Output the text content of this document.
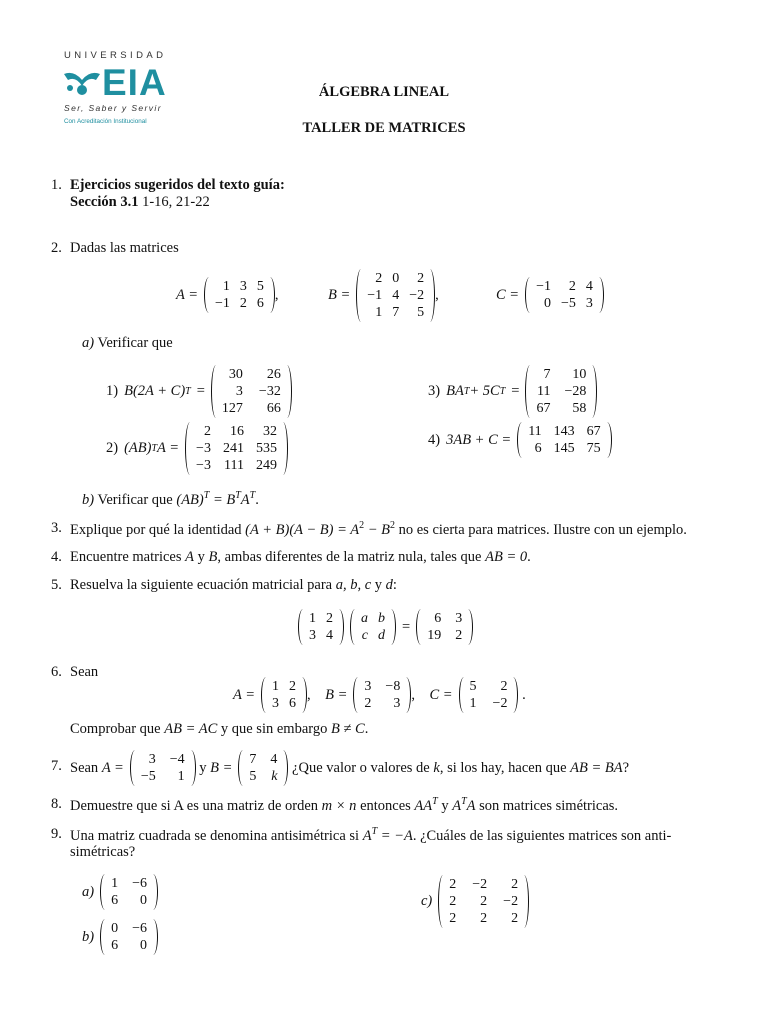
UNIVERSIDAD
EIA
Ser, Saber y Servir
Con Acreditación Institucional
ÁLGEBRA LINEAL
TALLER DE MATRICES
1. Ejercicios sugeridos del texto guía:
Sección 3.1 1-16, 21-22
2. Dadas las matrices
A =	1 3 5
−1 2 6
,	B =
2 0	2
−1 4 −2
1 7	5
,	C = −1	2 4
0 −5 3
a) Verificar que
1) B(2A + C) T =
30	26
3 −32
127	66
2) (AB) T A =
2	16	32
−3 241 535
−3 111 249
3) BA T + 5C T =
7	10
11 −28
67	58
4) 3AB + C = 11 143 67
6 145 75
b) Verificar que $(AB)^T = B^TA^T$.
3. Explique por qué la identidad $(A + B)(A - B) = A^2 - B^2$ no es cierta para matrices. Ilustre con un ejemplo.
4. Encuentre matrices A y B, ambas diferentes de la matriz nula, tales que AB = 0.
5. Resuelva la siguiente ecuación matricial para a, b, c y d:
1 2
3 4
a b
c d
=	6 3
19 2
6. Sean
A = 1 2
3 6
, B = 3 −8
2	3
, C = 5	2
1 −2
.
Comprobar que AB = AC y que sin embargo B ≠ C.
7. Sean
A =	3 −4
−5	1

y
B = 7 4
5 k

¿Que valor o valores de
k , si los hay, hacen que
AB = BA ?
8. Demuestre que si A es una matriz de orden m × n entonces $AA^T$ y $A^TA$ son matrices simétricas.
9. Una matriz cuadrada se denomina antisimétrica si $A^T = -A$. ¿Cuáles de las siguientes matrices son anti-
simétricas?
a) 1 −6
6	0
b) 0 −6
6	0
c)
2 −2	2
2	2 −2
2	2	2
